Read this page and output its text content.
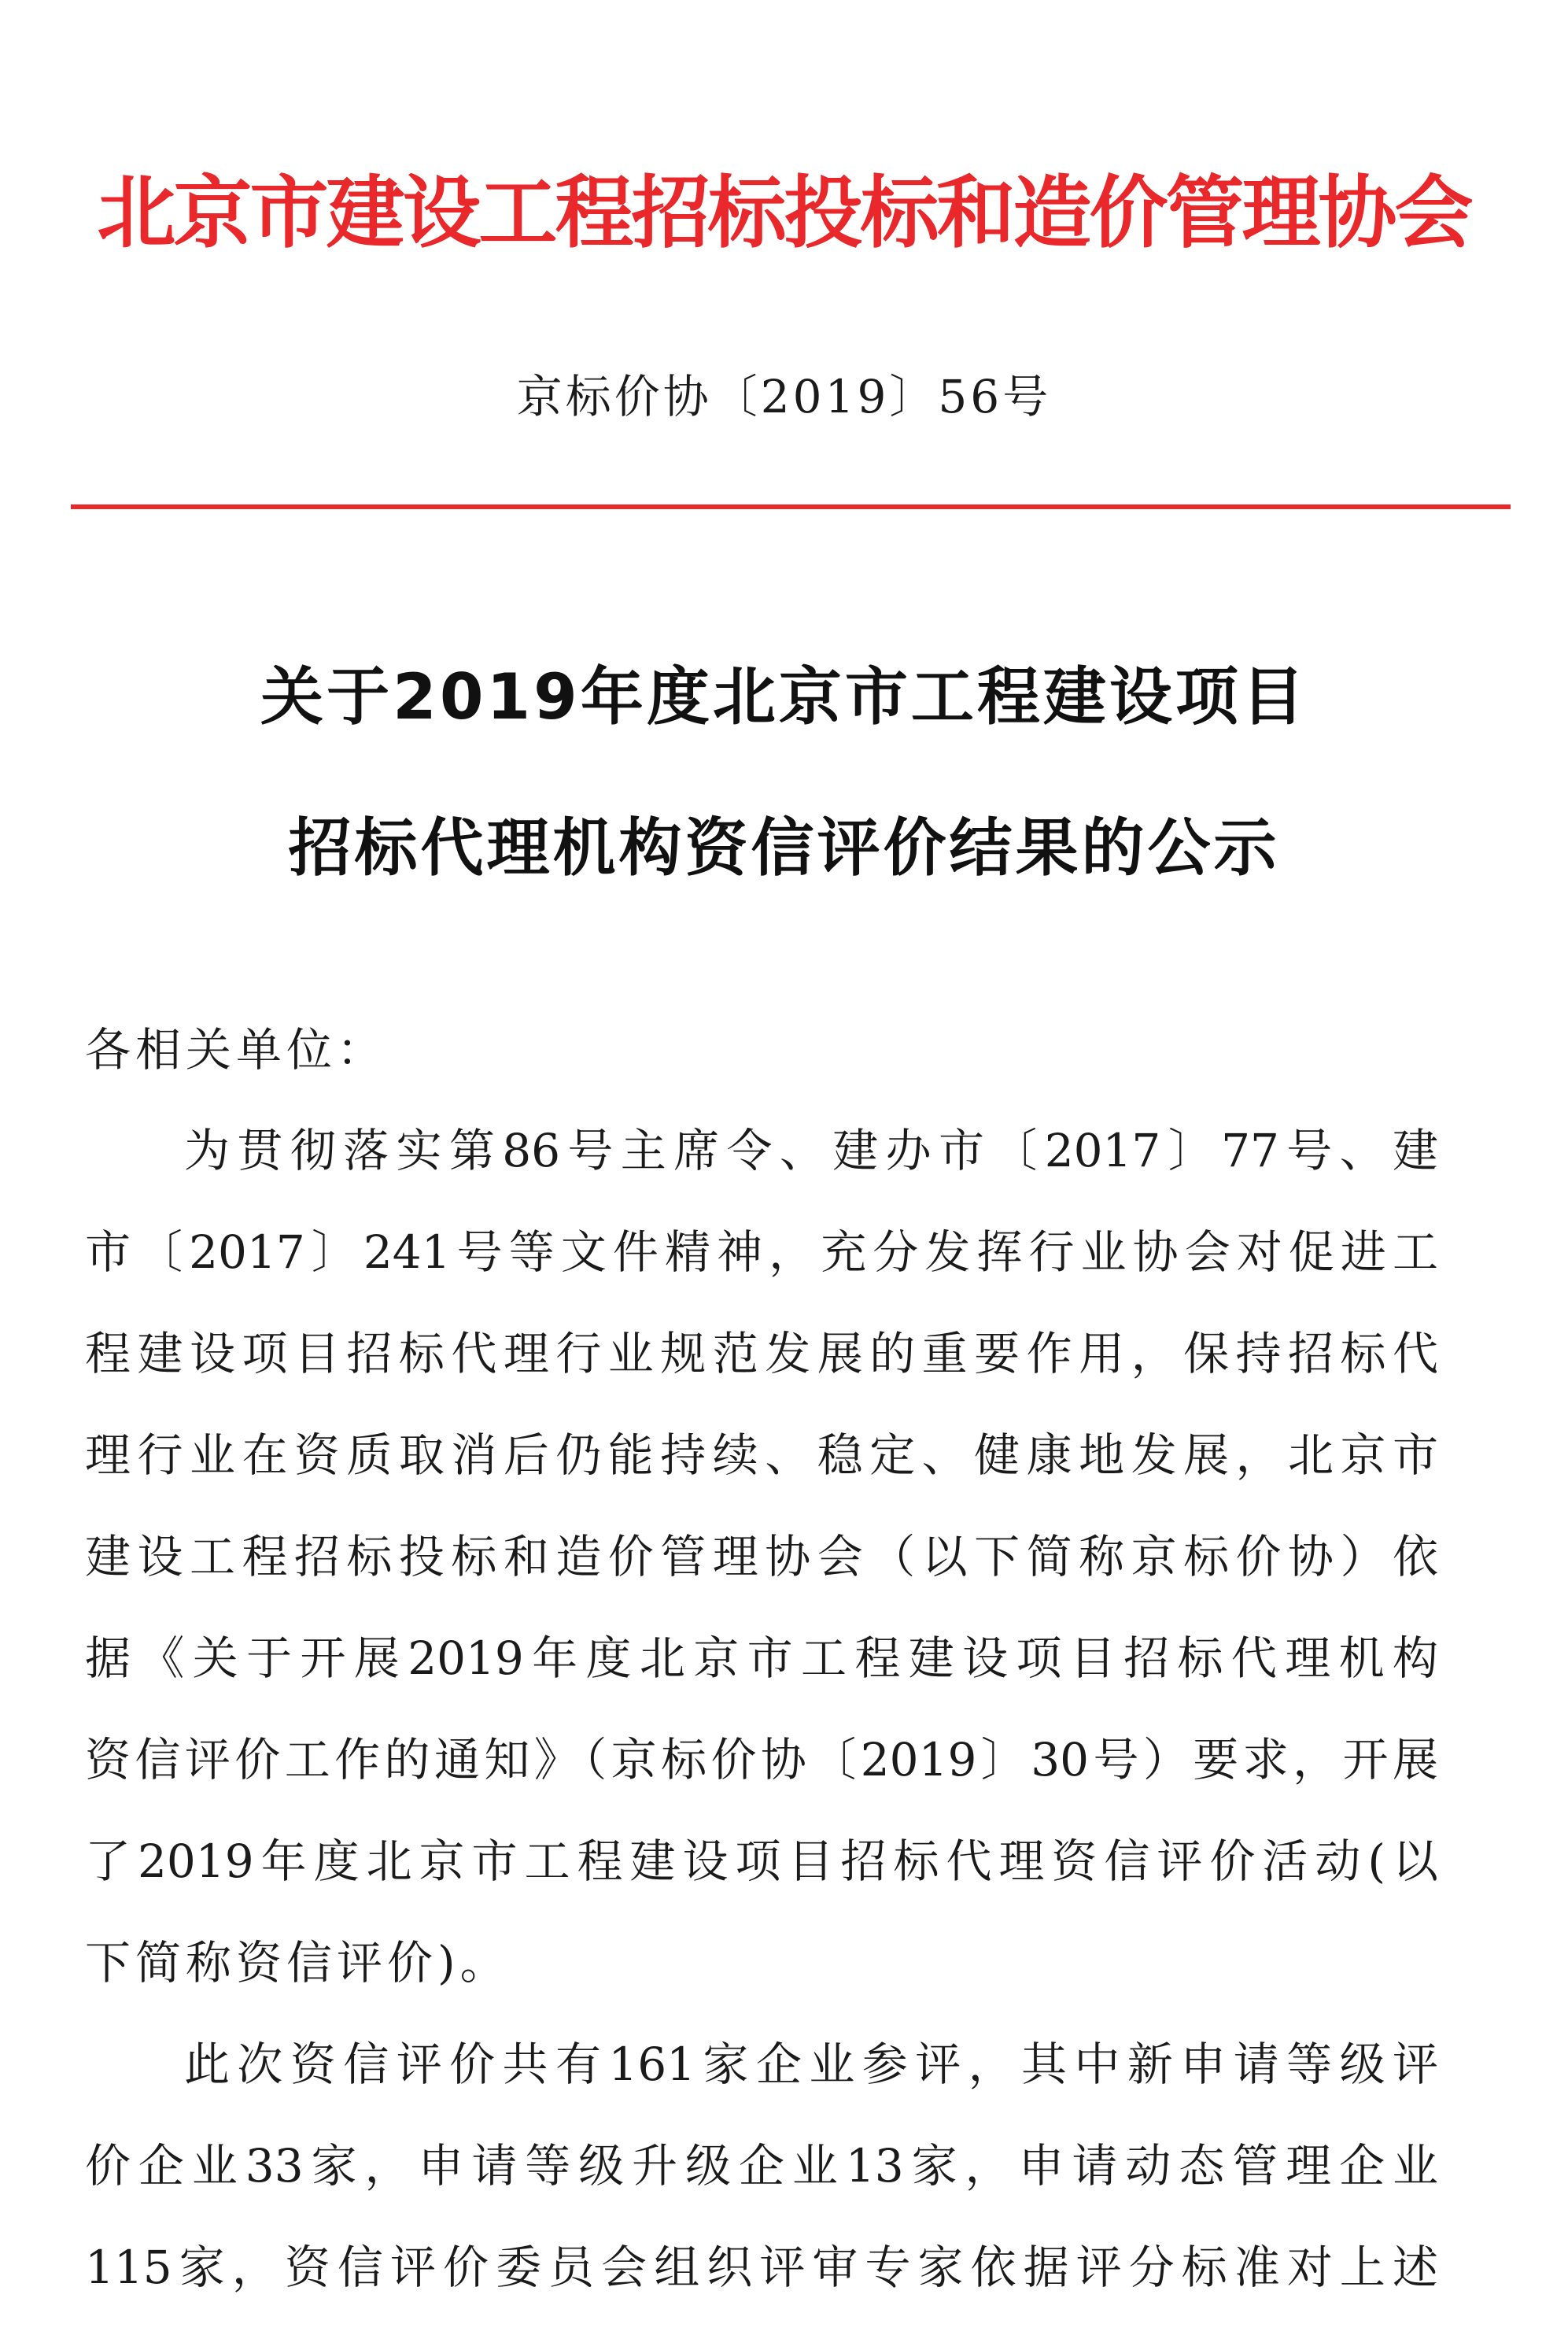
北京市建设工程招标投标和造价管理协会
京标价协〔2019〕56号
关于2019年度北京市工程建设项目
招标代理机构资信评价结果的公示
各相关单位：
为贯彻落实第86号主席令、建办市〔2017〕77号、建
市〔2017〕241号等文件精神，充分发挥行业协会对促进工
程建设项目招标代理行业规范发展的重要作用，保持招标代
理行业在资质取消后仍能持续、稳定、健康地发展，北京市
建设工程招标投标和造价管理协会（以下简称京标价协）依
据《关于开展2019年度北京市工程建设项目招标代理机构
资信评价工作的通知》（京标价协〔2019〕30号）要求，开展
了2019年度北京市工程建设项目招标代理资信评价活动(以
下简称资信评价)。
此次资信评价共有161家企业参评，其中新申请等级评
价企业33家，申请等级升级企业13家，申请动态管理企业
115家，资信评价委员会组织评审专家依据评分标准对上述
